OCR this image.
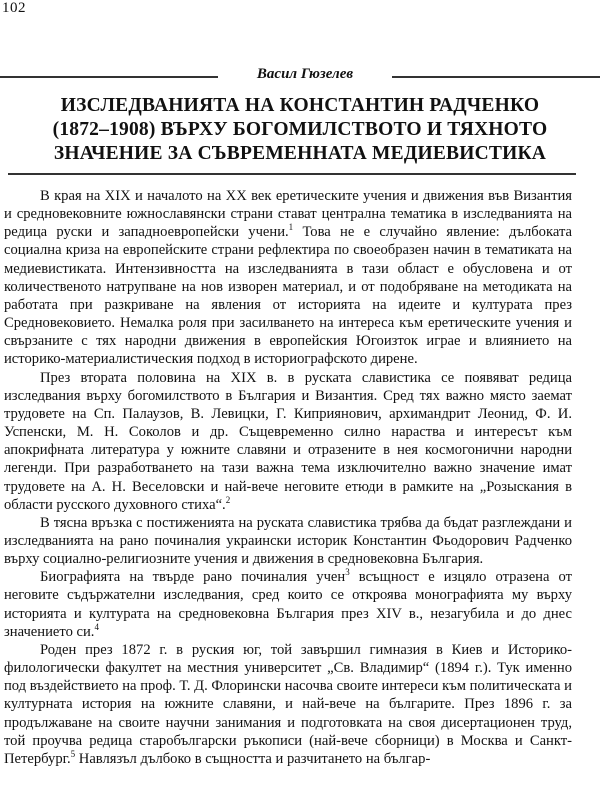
102
Васил Гюзелев
ИЗСЛЕДВАНИЯТА НА КОНСТАНТИН РАДЧЕНКО
(1872–1908) ВЪРХУ БОГОМИЛСТВОТО И ТЯХНОТО
ЗНАЧЕНИЕ ЗА СЪВРЕМЕННАТА МЕДИЕВИСТИКА

В края на XIX и началото на XX век еретическите учения и движения във Византия и средновековните южнославянски страни стават централна тематика в изследванията на редица руски и западноевропейски учени.$^1$ Това не е случайно явление: дълбоката социална криза на европейските страни рефлектира по своеобразен начин в тематиката на медиевистиката. Интензивността на изследванията в тази област е обусловена и от количественото натрупване на нов изворен материал, и от подобряване на методиката на работата при разкриване на явления от историята на идеите и културата през Средновековието. Немалка роля при засилването на интереса към еретическите учения и свързаните с тях народни движения в европейския Югоизток играе и влиянието на историко-материалистическия подход в историографското дирене.

През втората половина на XIX в. в руската славистика се появяват редица изследвания върху богомилството в България и Византия. Сред тях важно място заемат трудовете на Сп. Палаузов, В. Левицки, Г. Киприянович, архимандрит Леонид, Ф. И. Успенски, М. Н. Соколов и др. Същевременно силно нараства и интересът към апокрифната литература у южните славяни и отразените в нея космогонични народни легенди. При разработването на тази важна тема изключително важно значение имат трудовете на А. Н. Веселовски и най-вече неговите етюди в рамките на „Розыскания в области русского духовного стиха“.$^2$

В тясна връзка с постиженията на руската славистика трябва да бъдат разглеждани и изследванията на рано починалия украински историк Константин Фьодорович Радченко върху социално-религиозните учения и движения в средновековна България.

Биографията на твърде рано починалия учен$^3$ всъщност е изцяло отразена от неговите съдържателни изследвания, сред които се откроява монографията му върху историята и културата на средновековна България през XIV в., незагубила и до днес значението си.$^4$

Роден през 1872 г. в руския юг, той завършил гимназия в Киев и Историко-филологически факултет на местния университет „Св. Владимир“ (1894 г.). Тук именно под въздействието на проф. Т. Д. Флорински насочва своите интереси към политическата и културната история на южните славяни, и най-вече на българите. През 1896 г. за продължаване на своите научни занимания и подготовката на своя дисертационен труд, той проучва редица старобългарски ръкописи (най-вече сборници) в Москва и Санкт-Петербург.$^5$ Навлязъл дълбоко в същността и разчитането на българ-
